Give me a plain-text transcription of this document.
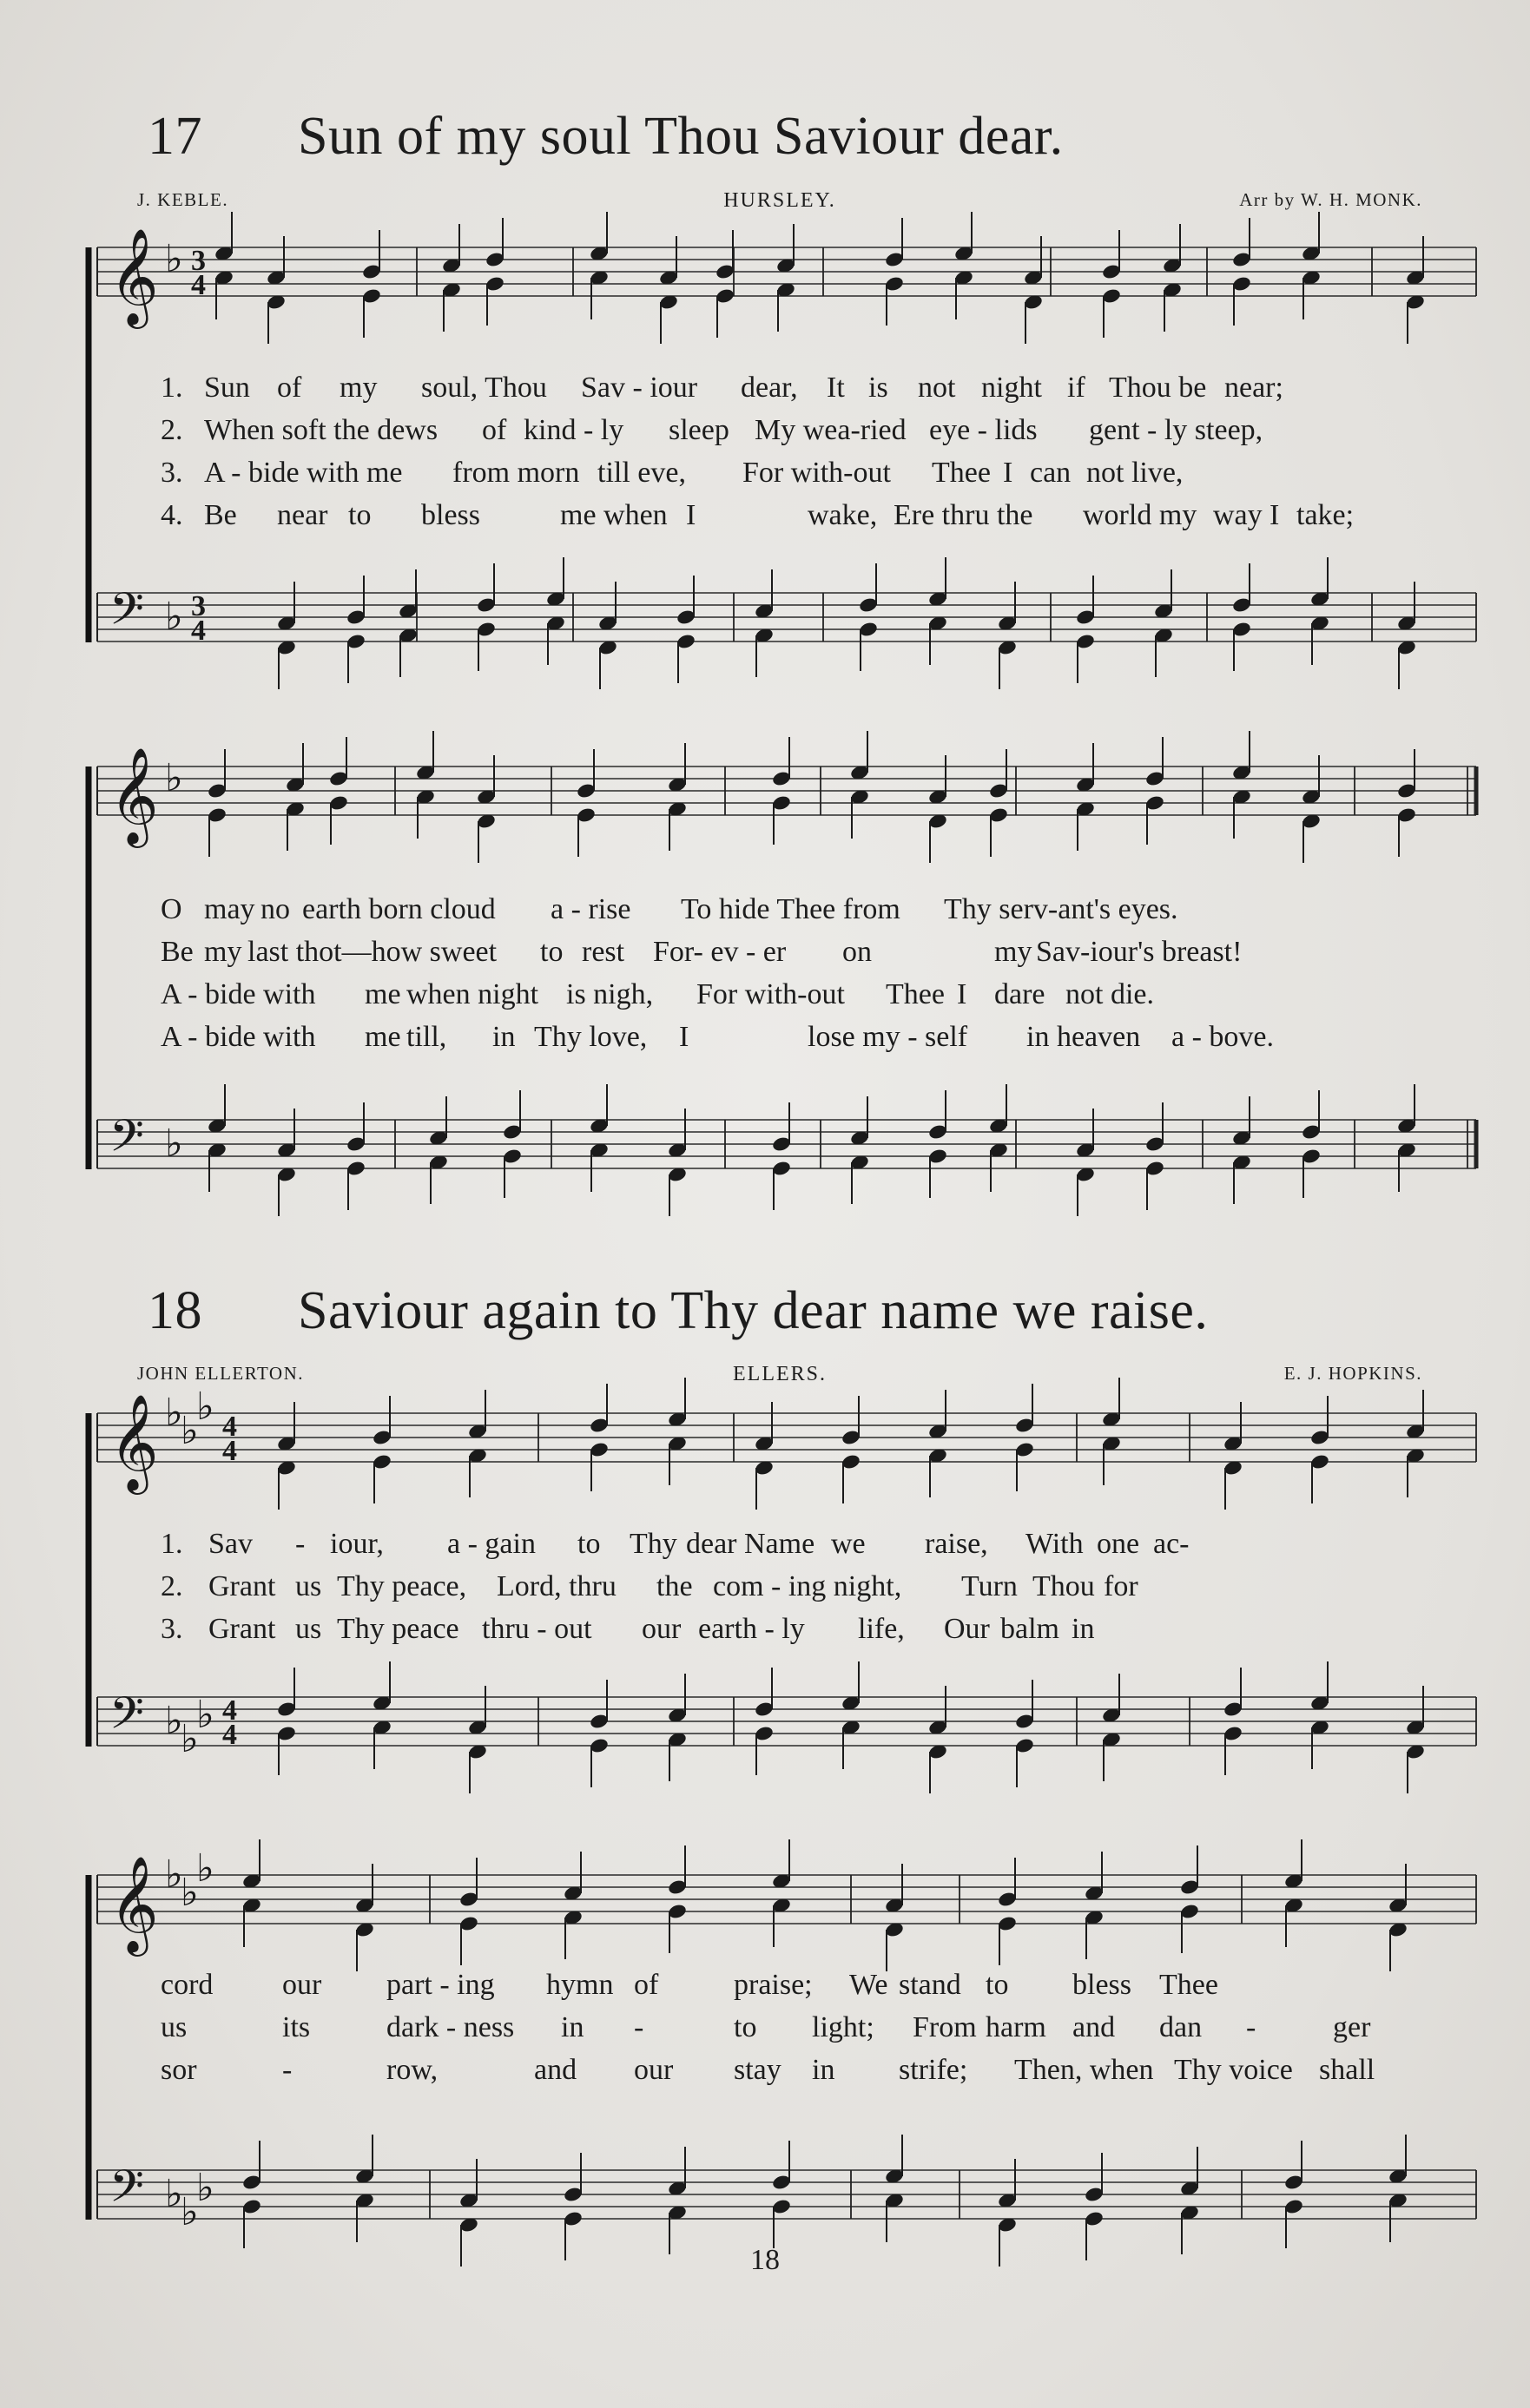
17 Sun of my soul Thou Saviour dear.
J. KEBLE.	HURSLEY.	Arr by W. H. MONK.
18 Saviour again to Thy dear name we raise.
JOHN ELLERTON.	ELLERS.	E. J. HOPKINS.
1. Sun of my soul, Thou Sav - iour dear, It is not night if Thou be near;
2. When soft the dews of kind - ly sleep My wea-ried eye - lids gent - ly steep,
3. A - bide with me from morn till eve, For with-out Thee I can not live,
4. Be near to bless	me when I	wake, Ere thru the world my way I take;
O may no earth born cloud a - rise To hide Thee from Thy serv-ant's eyes.
Be my last thot—how sweet to rest For- ev - er on	my Sav-iour's breast!
A - bide with me when night is nigh, For with-out Thee I dare not die.
A - bide with me till, in Thy love, I	lose my - self in heaven a - bove.
1. Sav - iour, a - gain to Thy dear Name we raise, With one ac-
2. Grant us Thy peace, Lord, thru the com - ing night, Turn Thou for
3. Grant us Thy peace thru - out our earth - ly life, Our balm in
cord our part - ing hymn of	praise; We stand to bless Thee
us	its	dark - ness in -	to light; From harm and dan -	ger
sor	-	row,	and our stay in strife; Then, when Thy voice shall
𝄞 ♭ 3
4
𝄢 ♭ 3
4
𝄞 ♭
𝄢 ♭
𝄞 ♭
♭
♭ 4
4
𝄢 ♭
♭
♭ 4
4
𝄞 ♭
♭
♭
𝄢 ♭
♭
♭
18
